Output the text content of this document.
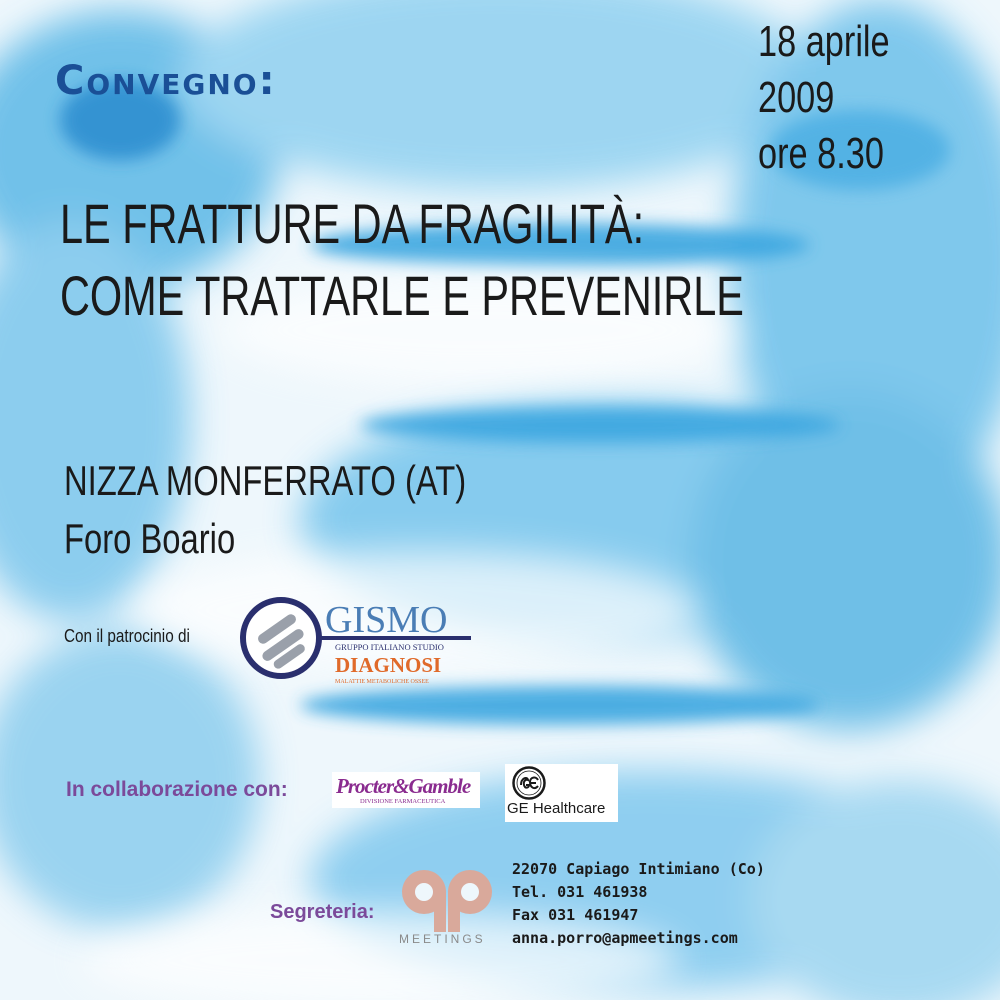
Convegno:
18 aprile 2009
ore 8.30
LE FRATTURE DA FRAGILITÀ:
COME TRATTARLE E PREVENIRLE
NIZZA MONFERRATO (AT)
Foro Boario
Con il patrocinio di	GISMO
GRUPPO ITALIANO STUDIO
DIAGNOSI
MALATTIE METABOLICHE OSSEE
In collaborazione con: Procter&Gamble
DIVISIONE FARMACEUTICA	GE Healthcare
Segreteria:
MEETINGS
22070 Capiago Intimiano (Co)
Tel. 031 461938
Fax 031 461947
anna.porro@apmeetings.com
